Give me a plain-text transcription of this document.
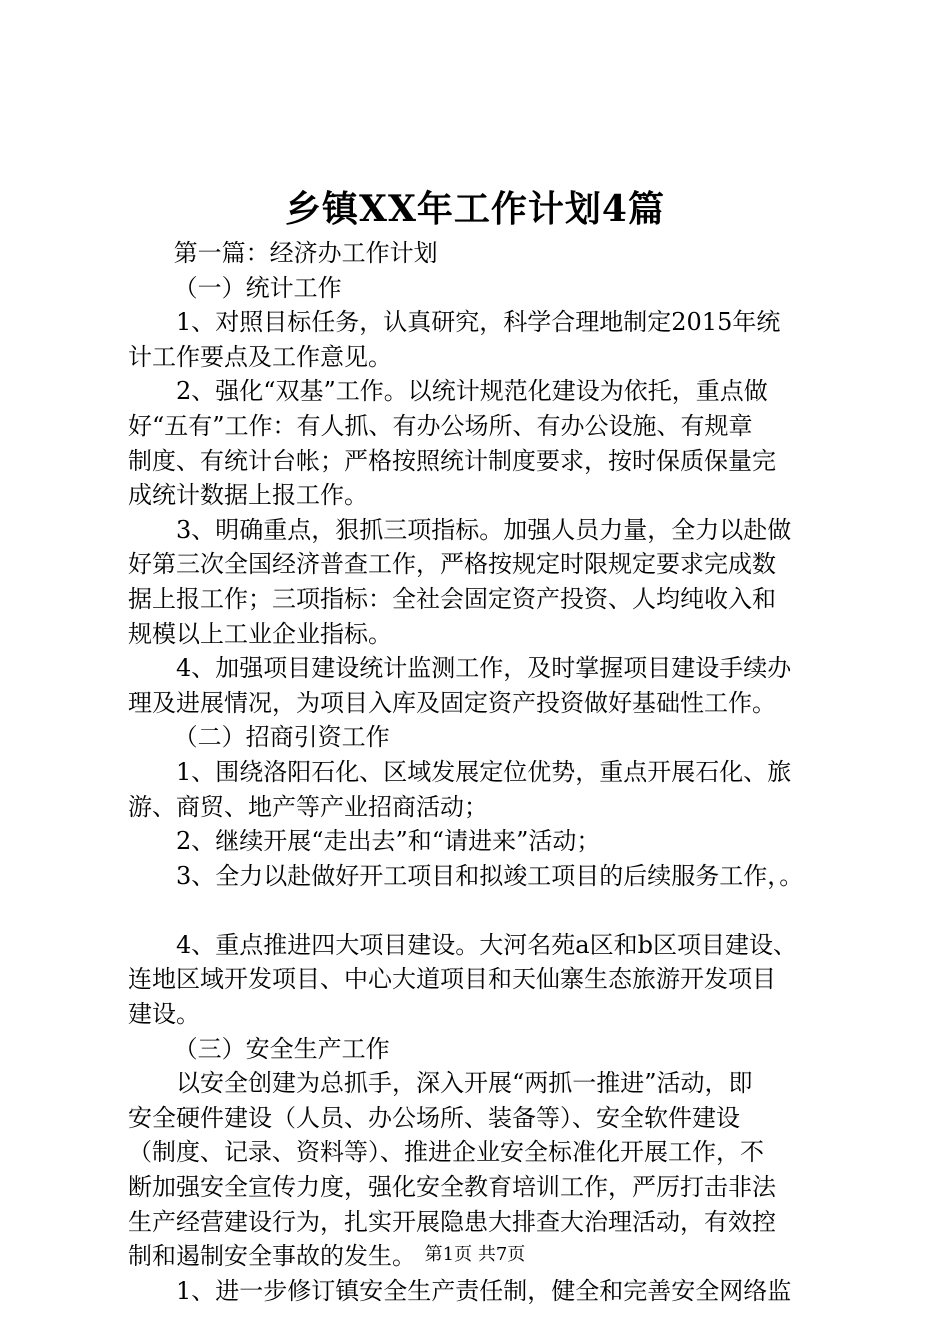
乡镇XX年工作计划4篇
第一篇：经济办工作计划
（一）统计工作
1、对照目标任务，认真研究，科学合理地制定2015年统
计工作要点及工作意见。
2、强化“双基”工作。以统计规范化建设为依托，重点做
好“五有”工作：有人抓、有办公场所、有办公设施、有规章
制度、有统计台帐；严格按照统计制度要求，按时保质保量完
成统计数据上报工作。
3、明确重点，狠抓三项指标。加强人员力量，全力以赴做
好第三次全国经济普查工作，严格按规定时限规定要求完成数
据上报工作；三项指标：全社会固定资产投资、人均纯收入和
规模以上工业企业指标。
4、加强项目建设统计监测工作，及时掌握项目建设手续办
理及进展情况，为项目入库及固定资产投资做好基础性工作。
（二）招商引资工作
1、围绕洛阳石化、区域发展定位优势，重点开展石化、旅
游、商贸、地产等产业招商活动；
2、继续开展“走出去”和“请进来”活动；
3、全力以赴做好开工项目和拟竣工项目的后续服务工作，。
4、重点推进四大项目建设。大河名苑a区和b区项目建设、
连地区域开发项目、中心大道项目和天仙寨生态旅游开发项目
建设。
（三）安全生产工作
以安全创建为总抓手，深入开展“两抓一推进”活动，即
安全硬件建设（人员、办公场所、装备等）、安全软件建设
（制度、记录、资料等）、推进企业安全标准化开展工作，不
断加强安全宣传力度，强化安全教育培训工作，严厉打击非法
生产经营建设行为，扎实开展隐患大排查大治理活动，有效控
制和遏制安全事故的发生。
1、进一步修订镇安全生产责任制，健全和完善安全网络监
第1页 共7页
